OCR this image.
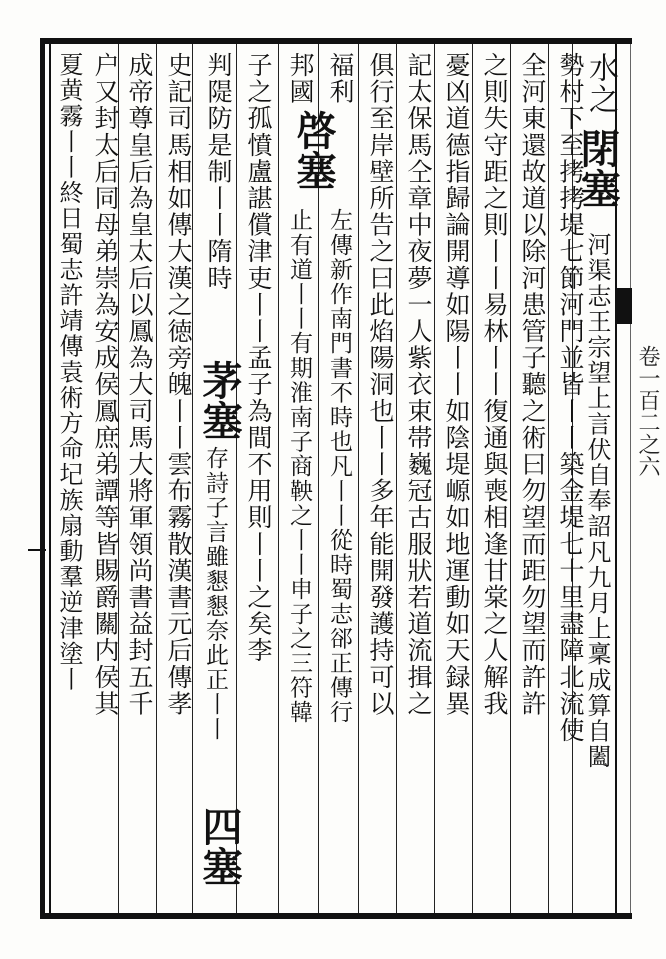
卷一百二之六
水之
閉塞
河渠志王宗望上言伏自奉詔凡九月上稟成算自闔
勢村下至拷拷堤七節河門並皆丨丨築金堤七十里盡障北流使
全河東還故道以除河患管子聽之術曰勿望而距勿望而許許
之則失守距之則丨丨易林丨丨復通與喪相逢甘棠之人解我
憂凶道德指歸論開導如陽丨丨如陰堤㟲如地運動如天録異
記太保馬仝章中夜夢一人紫衣束帯巍冠古服狀若道流揖之
俱行至岸壁所告之曰此焰陽洞也丨丨多年能開發護持可以
福利
邦國
啓塞
左傳新作南門書不時也凡丨丨從時蜀志郤正傳行
止有道丨丨有期淮南子商鞅之丨丨申子之三符韓
子之孤憤盧諶償津吏丨丨孟子為間不用則丨丨之矣李
判隄防是制丨丨隋時
茅塞
存詩子言雖懇懇奈此正丨丨
四塞
史記司馬相如傳大漢之徳旁魄丨丨雲布霧散漢書元后傳孝
成帝尊皇后為皇太后以鳳為大司馬大將軍領尚書益封五千
户又封太后同母弟崇為安成侯鳳庶弟譚等皆賜爵關内侯其
夏黄霧丨丨終日蜀志許靖傳袁術方命圮族扇動羣逆津塗丨
